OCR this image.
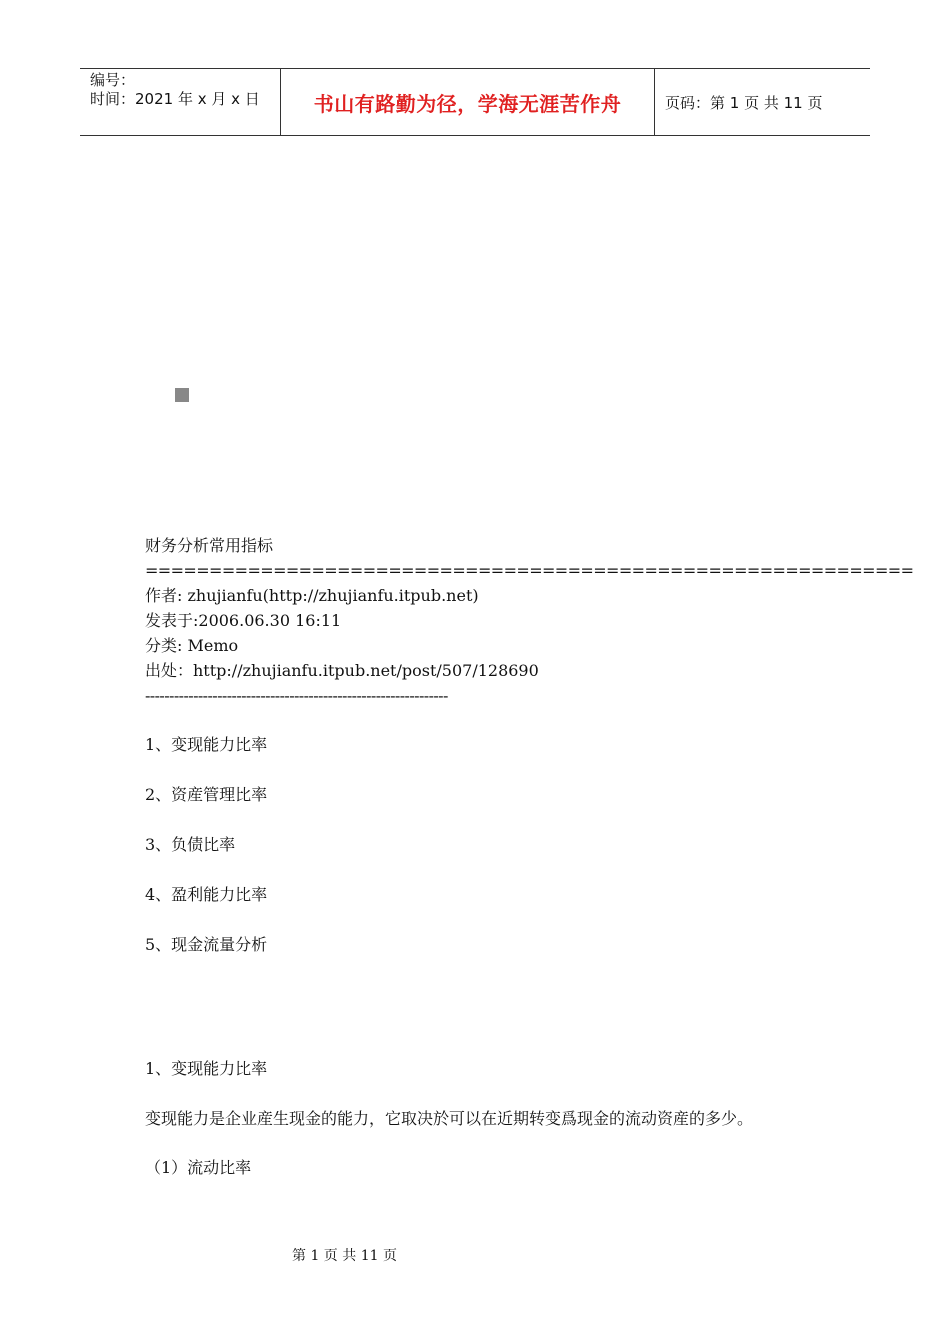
编号：
时间：2021 年 x 月 x 日	书山有路勤为径，学海无涯苦作舟	页码：第 1 页 共 11 页
财务分析常用指标
============================================================
作者: zhujianfu(http://zhujianfu.itpub.net)
发表于:2006.06.30 16:11
分类: Memo
出处：http://zhujianfu.itpub.net/post/507/128690
---------------------------------------------------------------
1、变现能力比率
2、资産管理比率
3、负债比率
4、盈利能力比率
5、现金流量分析
1、变现能力比率
变现能力是企业産生现金的能力，它取决於可以在近期转变爲现金的流动资産的多少。
（1）流动比率
第 1 页 共 11 页
